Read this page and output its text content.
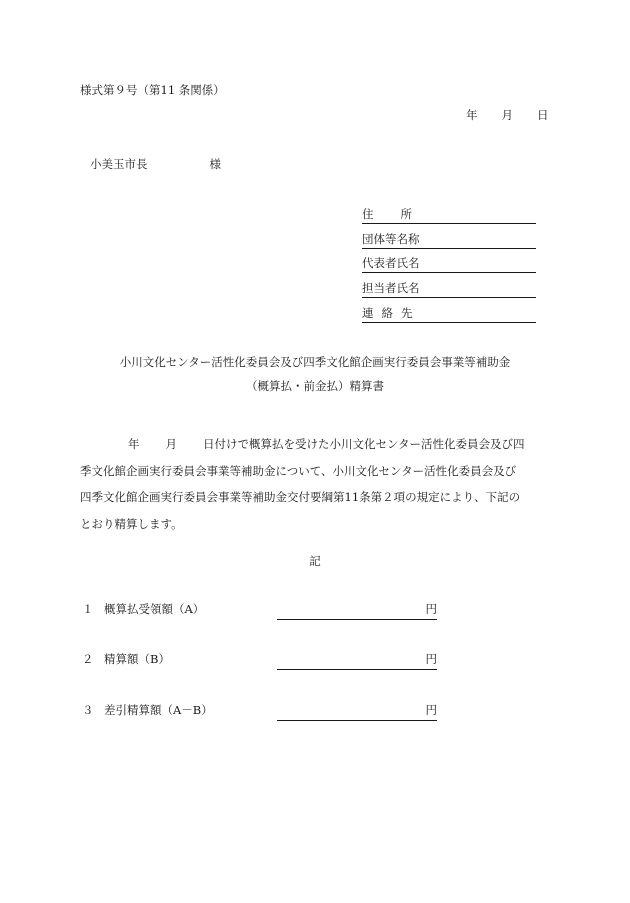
様式第９号（第11 条関係）
年 月 日
小美玉市長	様
住 所
団体等名称
代表者氏名
担当者氏名
連 絡 先
小川文化センター活性化委員会及び四季文化館企画実行委員会事業等補助金
（概算払・前金払）精算書
年 月 日付けで概算払を受けた小川文化センター活性化委員会及び四
季文化館企画実行委員会事業等補助金について、小川文化センター活性化委員会及び
四季文化館企画実行委員会事業等補助金交付要綱第11条第２項の規定により、下記の
とおり精算します。
記
１ 概算払受領額（A）	円
２ 精算額（B）	円
３ 差引精算額（A－B）	円
